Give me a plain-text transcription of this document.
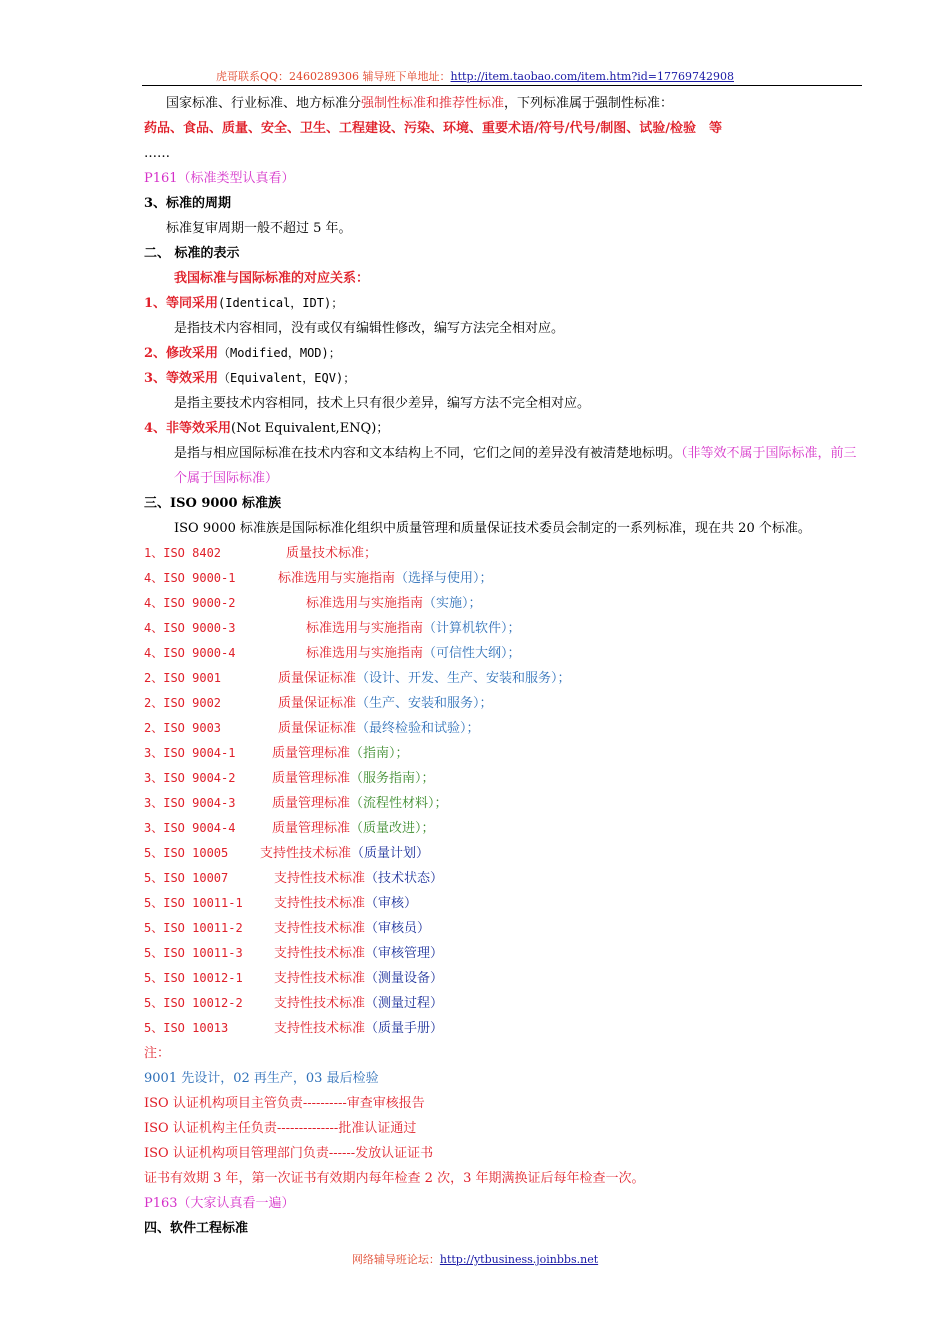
虎哥联系QQ：2460289306 辅导班下单地址：http://item.taobao.com/item.htm?id=17769742908
国家标准、行业标准、地方标准分强制性标准和推荐性标准，下列标准属于强制性标准：
药品、食品、质量、安全、卫生、工程建设、污染、环境、重要术语/符号/代号/制图、试验/检验　等
……
P161（标准类型认真看）
3、标准的周期
标准复审周期一般不超过 5 年。
二、 标准的表示
我国标准与国际标准的对应关系：
1、等同采用(Identical，IDT)；
是指技术内容相同，没有或仅有编辑性修改，编写方法完全相对应。
2、修改采用（Modified，MOD)；
3、等效采用（Equivalent，EQV)；
是指主要技术内容相同，技术上只有很少差异，编写方法不完全相对应。
4、非等效采用(Not Equivalent,ENQ)；
是指与相应国际标准在技术内容和文本结构上不同，它们之间的差异没有被清楚地标明。（非等效不属于国际标准，前三个属于国际标准）
三、ISO 9000 标准族
ISO 9000 标准族是国际标准化组织中质量管理和质量保证技术委员会制定的一系列标准，现在共 20 个标准。
1、ISO 8402	质量技术标准；
4、ISO 9000-1	标准选用与实施指南（选择与使用）；
4、ISO 9000-2	标准选用与实施指南（实施）；
4、ISO 9000-3	标准选用与实施指南（计算机软件）；
4、ISO 9000-4	标准选用与实施指南（可信性大纲）；
2、ISO 9001	质量保证标准（设计、开发、生产、安装和服务）；
2、ISO 9002	质量保证标准（生产、安装和服务）；
2、ISO 9003	质量保证标准（最终检验和试验）；
3、ISO 9004-1	质量管理标准（指南）；
3、ISO 9004-2	质量管理标准（服务指南）；
3、ISO 9004-3	质量管理标准（流程性材料）；
3、ISO 9004-4	质量管理标准（质量改进）；
5、ISO 10005 支持性技术标准（质量计划）
5、ISO 10007	支持性技术标准（技术状态）
5、ISO 10011-1 支持性技术标准（审核）
5、ISO 10011-2 支持性技术标准（审核员）
5、ISO 10011-3 支持性技术标准（审核管理）
5、ISO 10012-1 支持性技术标准（测量设备）
5、ISO 10012-2 支持性技术标准（测量过程）
5、ISO 10013	支持性技术标准（质量手册）
注：
9001 先设计，02 再生产，03 最后检验
ISO 认证机构项目主管负责----------审查审核报告
ISO 认证机构主任负责--------------批准认证通过
ISO 认证机构项目管理部门负责------发放认证证书
证书有效期 3 年，第一次证书有效期内每年检查 2 次，3 年期满换证后每年检查一次。
P163（大家认真看一遍）
四、软件工程标准
网络辅导班论坛：http://ytbusiness.joinbbs.net
